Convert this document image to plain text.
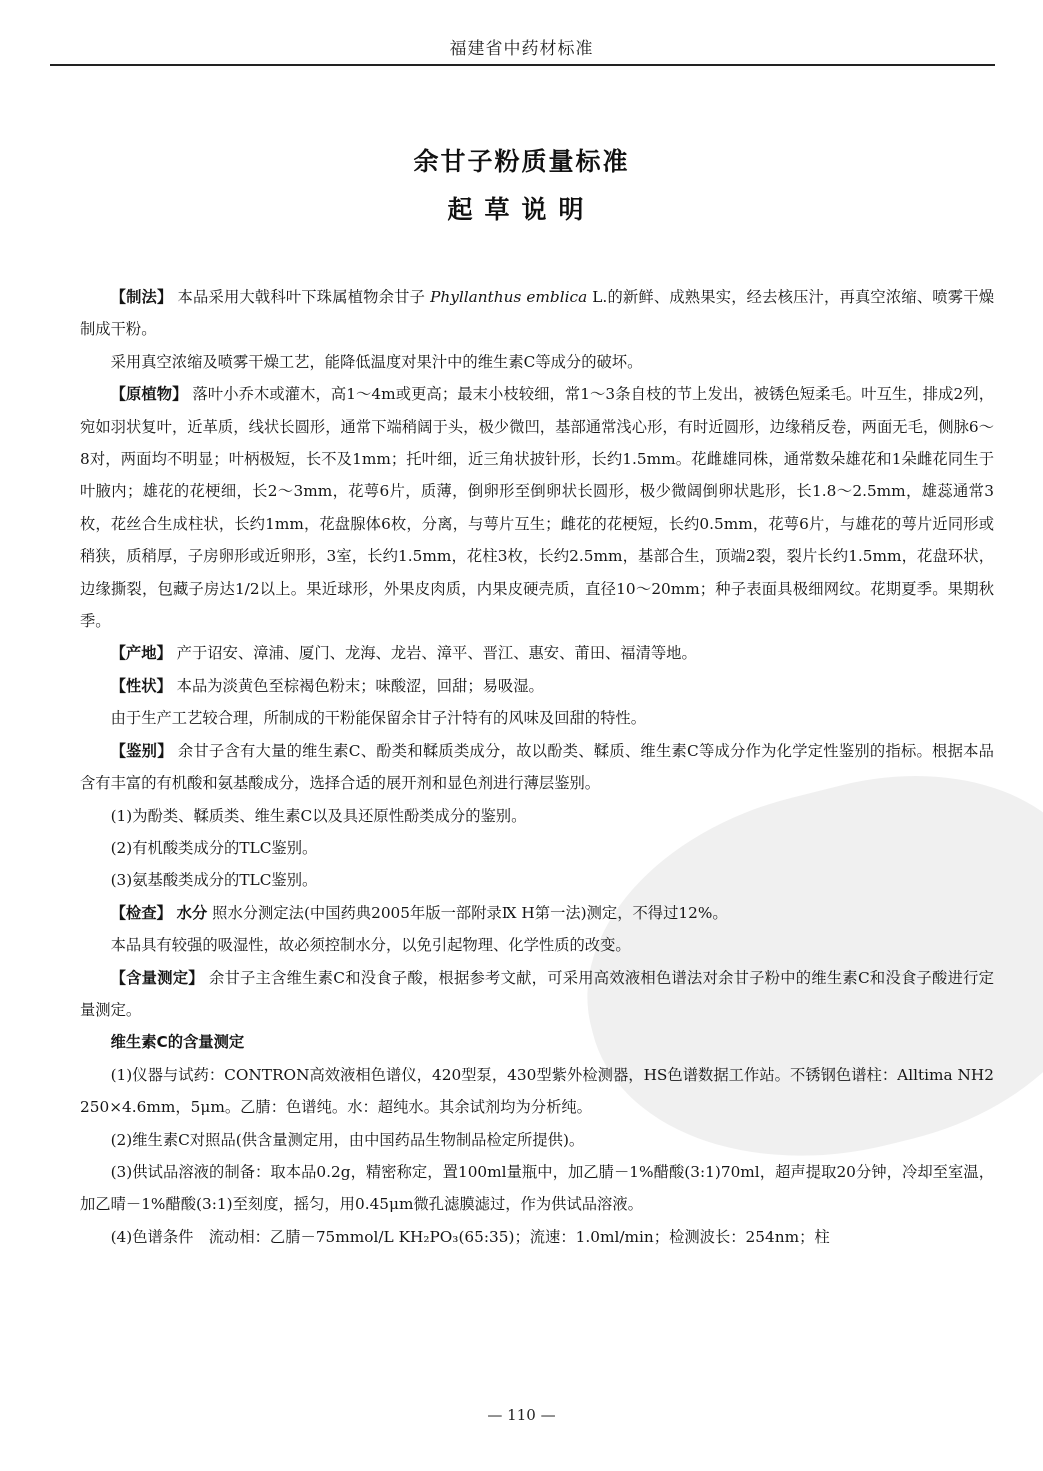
福建省中药材标准
余甘子粉质量标准
起草说明

【制法】 本品采用大戟科叶下珠属植物余甘子 Phyllanthus emblica L.的新鲜、成熟果实，经去核压汁，再真空浓缩、喷雾干燥制成干粉。

采用真空浓缩及喷雾干燥工艺，能降低温度对果汁中的维生素C等成分的破坏。

【原植物】 落叶小乔木或灌木，高1～4m或更高；最末小枝较细，常1～3条自枝的节上发出，被锈色短柔毛。叶互生，排成2列，宛如羽状复叶，近革质，线状长圆形，通常下端稍阔于头，极少微凹，基部通常浅心形，有时近圆形，边缘稍反卷，两面无毛，侧脉6～8对，两面均不明显；叶柄极短，长不及1mm；托叶细，近三角状披针形，长约1.5mm。花雌雄同株，通常数朵雄花和1朵雌花同生于叶腋内；雄花的花梗细，长2～3mm，花萼6片，质薄，倒卵形至倒卵状长圆形，极少微阔倒卵状匙形，长1.8～2.5mm，雄蕊通常3枚，花丝合生成柱状，长约1mm，花盘腺体6枚，分离，与萼片互生；雌花的花梗短，长约0.5mm，花萼6片，与雄花的萼片近同形或稍狭，质稍厚，子房卵形或近卵形，3室，长约1.5mm，花柱3枚，长约2.5mm，基部合生，顶端2裂，裂片长约1.5mm，花盘环状，边缘撕裂，包藏子房达1/2以上。果近球形，外果皮肉质，内果皮硬壳质，直径10～20mm；种子表面具极细网纹。花期夏季。果期秋季。

【产地】 产于诏安、漳浦、厦门、龙海、龙岩、漳平、晋江、惠安、莆田、福清等地。

【性状】 本品为淡黄色至棕褐色粉末；味酸涩，回甜；易吸湿。

由于生产工艺较合理，所制成的干粉能保留余甘子汁特有的风味及回甜的特性。

【鉴别】 余甘子含有大量的维生素C、酚类和鞣质类成分，故以酚类、鞣质、维生素C等成分作为化学定性鉴别的指标。根据本品含有丰富的有机酸和氨基酸成分，选择合适的展开剂和显色剂进行薄层鉴别。

(1)为酚类、鞣质类、维生素C以及具还原性酚类成分的鉴别。

(2)有机酸类成分的TLC鉴别。

(3)氨基酸类成分的TLC鉴别。

【检查】 水分 照水分测定法(中国药典2005年版一部附录Ⅸ H第一法)测定，不得过12%。

本品具有较强的吸湿性，故必须控制水分，以免引起物理、化学性质的改变。

【含量测定】 余甘子主含维生素C和没食子酸，根据参考文献，可采用高效液相色谱法对余甘子粉中的维生素C和没食子酸进行定量测定。

维生素C的含量测定

(1)仪器与试药：CONTRON高效液相色谱仪，420型泵，430型紫外检测器，HS色谱数据工作站。不锈钢色谱柱：Alltima NH2 250×4.6mm，5μm。乙腈：色谱纯。水：超纯水。其余试剂均为分析纯。

(2)维生素C对照品(供含量测定用，由中国药品生物制品检定所提供)。

(3)供试品溶液的制备：取本品0.2g，精密称定，置100ml量瓶中，加乙腈－1%醋酸(3:1)70ml，超声提取20分钟，冷却至室温，加乙晴－1%醋酸(3:1)至刻度，摇匀，用0.45μm微孔滤膜滤过，作为供试品溶液。

(4)色谱条件　流动相：乙腈－75mmol/L KH₂PO₃(65:35)；流速：1.0ml/min；检测波长：254nm；柱

— 110 —
